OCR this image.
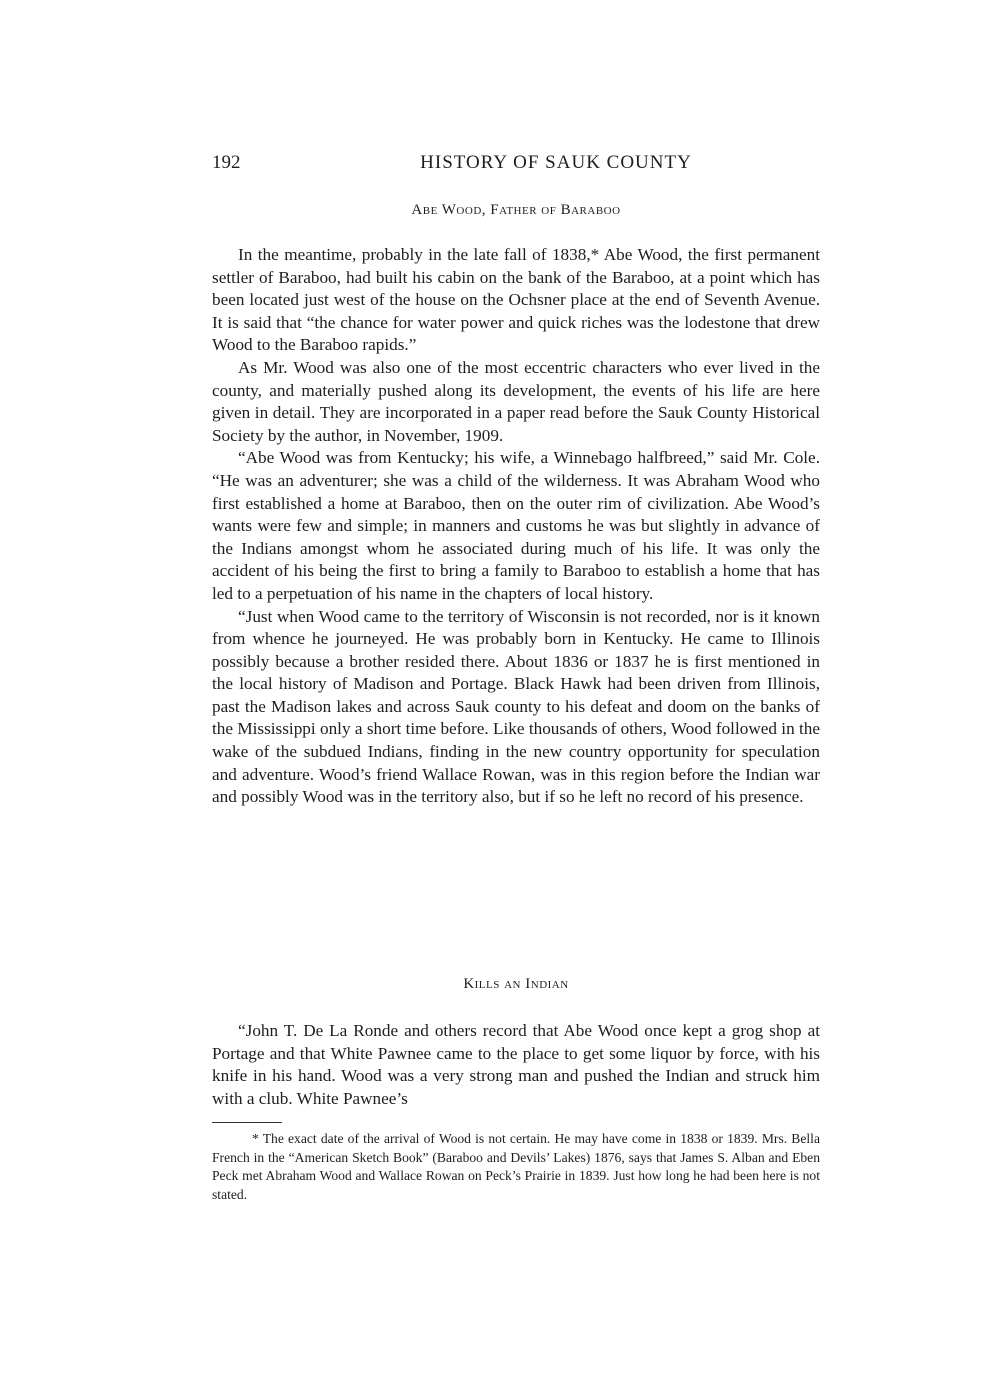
192	HISTORY OF SAUK COUNTY
Abe Wood, Father of Baraboo

In the meantime, probably in the late fall of 1838,* Abe Wood, the first permanent settler of Baraboo, had built his cabin on the bank of the Baraboo, at a point which has been located just west of the house on the Ochsner place at the end of Seventh Avenue. It is said that “the chance for water power and quick riches was the lodestone that drew Wood to the Baraboo rapids.”

As Mr. Wood was also one of the most eccentric characters who ever lived in the county, and materially pushed along its development, the events of his life are here given in detail. They are incorporated in a paper read before the Sauk County Historical Society by the author, in November, 1909.

“Abe Wood was from Kentucky; his wife, a Winnebago halfbreed,” said Mr. Cole. “He was an adventurer; she was a child of the wilderness. It was Abraham Wood who first established a home at Baraboo, then on the outer rim of civilization. Abe Wood’s wants were few and simple; in manners and customs he was but slightly in advance of the Indians amongst whom he associated during much of his life. It was only the accident of his being the first to bring a family to Baraboo to establish a home that has led to a perpetuation of his name in the chapters of local history.

“Just when Wood came to the territory of Wisconsin is not recorded, nor is it known from whence he journeyed. He was probably born in Kentucky. He came to Illinois possibly because a brother resided there. About 1836 or 1837 he is first mentioned in the local history of Madison and Portage. Black Hawk had been driven from Illinois, past the Madison lakes and across Sauk county to his defeat and doom on the banks of the Mississippi only a short time before. Like thousands of others, Wood followed in the wake of the subdued Indians, finding in the new country opportunity for speculation and adventure. Wood’s friend Wallace Rowan, was in this region before the Indian war and possibly Wood was in the territory also, but if so he left no record of his presence.

Kills an Indian

“John T. De La Ronde and others record that Abe Wood once kept a grog shop at Portage and that White Pawnee came to the place to get some liquor by force, with his knife in his hand. Wood was a very strong man and pushed the Indian and struck him with a club. White Pawnee’s

* The exact date of the arrival of Wood is not certain. He may have come in 1838 or 1839. Mrs. Bella French in the “American Sketch Book” (Baraboo and Devils’ Lakes) 1876, says that James S. Alban and Eben Peck met Abraham Wood and Wallace Rowan on Peck’s Prairie in 1839. Just how long he had been here is not stated.
